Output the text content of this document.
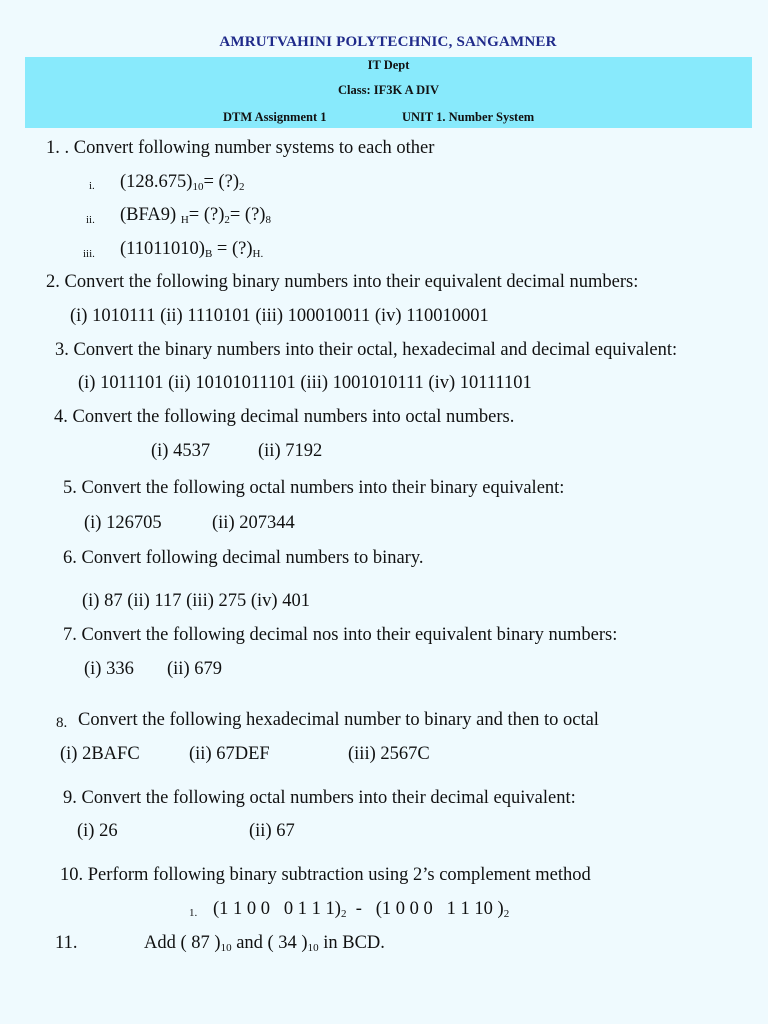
AMRUTVAHINI POLYTECHNIC, SANGAMNER
IT Dept
Class: IF3K A DIV
DTM Assignment 1	UNIT 1. Number System
1. . Convert following number systems to each other
i. $(128.675)_{10}=$ $(?)_2$
ii. (BFA9) $_H= (?)_2=$ $(?)_8$
iii. $(11011010)_B$ = $(?)_{H.}$
2. Convert the following binary numbers into their equivalent decimal numbers:
(i) 1010111 (ii) 1110101 (iii) 100010011 (iv) 110010001
3. Convert the binary numbers into their octal, hexadecimal and decimal equivalent:
(i) 1011101 (ii) 10101011101 (iii) 1001010111 (iv) 10111101
4. Convert the following decimal numbers into octal numbers.
(i) 4537	(ii) 7192
5. Convert the following octal numbers into their binary equivalent:
(i) 126705	(ii) 207344
6. Convert following decimal numbers to binary.
(i) 87 (ii) 117 (iii) 275 (iv) 401
7. Convert the following decimal nos into their equivalent binary numbers:
(i) 336 (ii) 679
8. Convert the following hexadecimal number to binary and then to octal
(i) 2BAFC	(ii) 67DEF	(iii) 2567C
9. Convert the following octal numbers into their decimal equivalent:
(i) 26	(ii) 67
10. Perform following binary subtraction using 2’s complement method
1. (1 1 0 0   0 1 1 $1)_2 - (1$ 0 0 0   1 1 10 )$_2$
11.	Add ( 87 )$_{10}$ and ( 34 )$_{10}$ in BCD.
